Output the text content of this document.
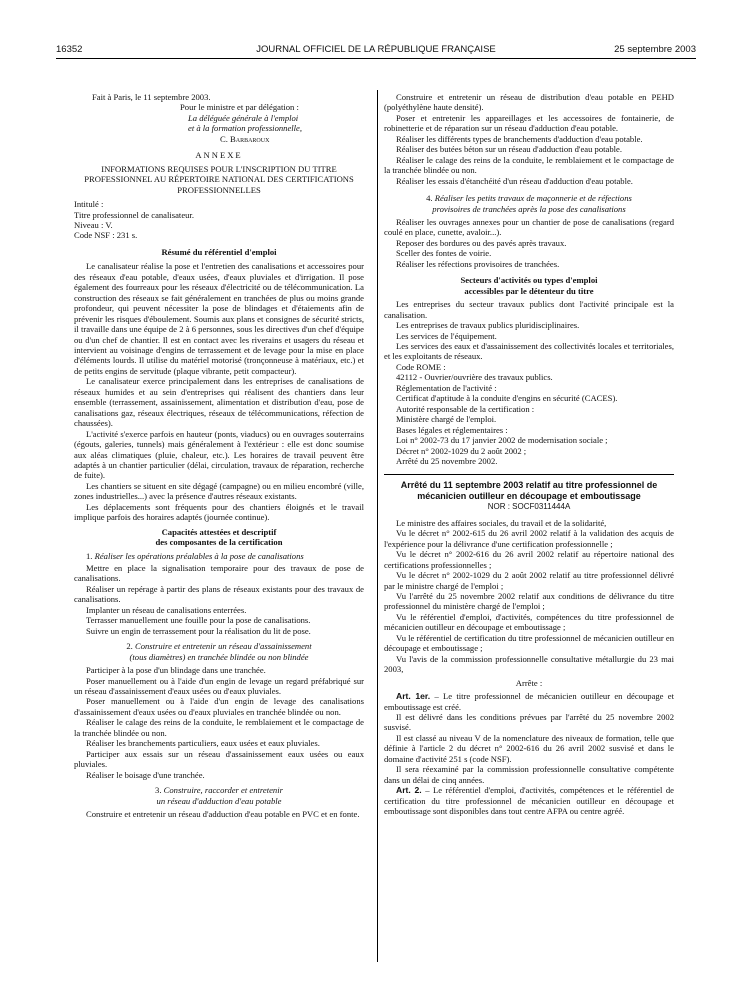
16352	JOURNAL OFFICIEL DE LA RÉPUBLIQUE FRANÇAISE	25 septembre 2003

Fait à Paris, le 11 septembre 2003.

Pour le ministre et par délégation :

La déléguée générale à l'emploi

et à la formation professionnelle,

C. Barbaroux

ANNEXE

INFORMATIONS REQUISES POUR L'INSCRIPTION DU TITRE PROFESSIONNEL AU RÉPERTOIRE NATIONAL DES CERTIFICATIONS PROFESSIONNELLES

Intitulé :

Titre professionnel de canalisateur.

Niveau : V.

Code NSF : 231 s.

Résumé du référentiel d'emploi

Le canalisateur réalise la pose et l'entretien des canalisations et accessoires pour des réseaux d'eau potable, d'eaux usées, d'eaux pluviales et d'irrigation. Il pose également des fourreaux pour les réseaux d'électricité ou de télécommunication. La construction des réseaux se fait généralement en tranchées de plus ou moins grande profondeur, qui peuvent nécessiter la pose de blindages et d'étaiements afin de prévenir les risques d'éboulement. Soumis aux plans et consignes de sécurité stricts, il travaille dans une équipe de 2 à 6 personnes, sous les directives d'un chef d'équipe ou d'un chef de chantier. Il est en contact avec les riverains et usagers du réseau et intervient au voisinage d'engins de terrassement et de levage pour la mise en place d'éléments lourds. Il utilise du matériel motorisé (tronçonneuse à matériaux, etc.) et de petits engins de servitude (plaque vibrante, petit compacteur).

Le canalisateur exerce principalement dans les entreprises de canalisations de réseaux humides et au sein d'entreprises qui réalisent des chantiers dans leur ensemble (terrassement, assainissement, alimentation et distribution d'eau, pose de canalisations gaz, réseaux électriques, réseaux de télécommunications, réfection de chaussées).

L'activité s'exerce parfois en hauteur (ponts, viaducs) ou en ouvrages souterrains (égouts, galeries, tunnels) mais généralement à l'extérieur : elle est donc soumise aux aléas climatiques (pluie, chaleur, etc.). Les horaires de travail peuvent être adaptés à un chantier particulier (délai, circulation, travaux de réparation, recherche de fuite).

Les chantiers se situent en site dégagé (campagne) ou en milieu encombré (ville, zones industrielles...) avec la présence d'autres réseaux existants.

Les déplacements sont fréquents pour des chantiers éloignés et le travail implique parfois des horaires adaptés (journée continue).

Capacités attestées et descriptif

des composantes de la certification

1. Réaliser les opérations préalables à la pose de canalisations

Mettre en place la signalisation temporaire pour des travaux de pose de canalisations.

Réaliser un repérage à partir des plans de réseaux existants pour des travaux de canalisations.

Implanter un réseau de canalisations enterrées.

Terrasser manuellement une fouille pour la pose de canalisations.

Suivre un engin de terrassement pour la réalisation du lit de pose.

2. Construire et entretenir un réseau d'assainissement

(tous diamètres) en tranchée blindée ou non blindée

Participer à la pose d'un blindage dans une tranchée.

Poser manuellement ou à l'aide d'un engin de levage un regard préfabriqué sur un réseau d'assainissement d'eaux usées ou d'eaux pluviales.

Poser manuellement ou à l'aide d'un engin de levage des canalisations d'assainissement d'eaux usées ou d'eaux pluviales en tranchée blindée ou non.

Réaliser le calage des reins de la conduite, le remblaiement et le compactage de la tranchée blindée ou non.

Réaliser les branchements particuliers, eaux usées et eaux pluviales.

Participer aux essais sur un réseau d'assainissement eaux usées ou eaux pluviales.

Réaliser le boisage d'une tranchée.

3. Construire, raccorder et entretenir

un réseau d'adduction d'eau potable

Construire et entretenir un réseau d'adduction d'eau potable en PVC et en fonte.

Construire et entretenir un réseau de distribution d'eau potable en PEHD (polyéthylène haute densité).

Poser et entretenir les appareillages et les accessoires de fontainerie, de robinetterie et de réparation sur un réseau d'adduction d'eau potable.

Réaliser les différents types de branchements d'adduction d'eau potable.

Réaliser des butées béton sur un réseau d'adduction d'eau potable.

Réaliser le calage des reins de la conduite, le remblaiement et le compactage de la tranchée blindée ou non.

Réaliser les essais d'étanchéité d'un réseau d'adduction d'eau potable.

4. Réaliser les petits travaux de maçonnerie et de réfections

provisoires de tranchées après la pose des canalisations

Réaliser les ouvrages annexes pour un chantier de pose de canalisations (regard coulé en place, cunette, avaloir...).

Reposer des bordures ou des pavés après travaux.

Sceller des fontes de voirie.

Réaliser les réfections provisoires de tranchées.

Secteurs d'activités ou types d'emploi

accessibles par le détenteur du titre

Les entreprises du secteur travaux publics dont l'activité principale est la canalisation.

Les entreprises de travaux publics pluridisciplinaires.

Les services de l'équipement.

Les services des eaux et d'assainissement des collectivités locales et territoriales, et les exploitants de réseaux.

Code ROME :

42112 - Ouvrier/ouvrière des travaux publics.

Réglementation de l'activité :

Certificat d'aptitude à la conduite d'engins en sécurité (CACES).

Autorité responsable de la certification :

Ministère chargé de l'emploi.

Bases légales et réglementaires :

Loi n° 2002-73 du 17 janvier 2002 de modernisation sociale ;

Décret n° 2002-1029 du 2 août 2002 ;

Arrêté du 25 novembre 2002.

Arrêté du 11 septembre 2003 relatif au titre professionnel de mécanicien outilleur en découpage et emboutissage

NOR : SOCF0311444A

Le ministre des affaires sociales, du travail et de la solidarité,

Vu le décret n° 2002-615 du 26 avril 2002 relatif à la validation des acquis de l'expérience pour la délivrance d'une certification professionnelle ;

Vu le décret n° 2002-616 du 26 avril 2002 relatif au répertoire national des certifications professionnelles ;

Vu le décret n° 2002-1029 du 2 août 2002 relatif au titre professionnel délivré par le ministre chargé de l'emploi ;

Vu l'arrêté du 25 novembre 2002 relatif aux conditions de délivrance du titre professionnel du ministère chargé de l'emploi ;

Vu le référentiel d'emploi, d'activités, compétences du titre professionnel de mécanicien outilleur en découpage et emboutissage ;

Vu le référentiel de certification du titre professionnel de mécanicien outilleur en découpage et emboutissage ;

Vu l'avis de la commission professionnelle consultative métallurgie du 23 mai 2003,

Arrête :

Art. 1er. – Le titre professionnel de mécanicien outilleur en découpage et emboutissage est créé.

Il est délivré dans les conditions prévues par l'arrêté du 25 novembre 2002 susvisé.

Il est classé au niveau V de la nomenclature des niveaux de formation, telle que définie à l'article 2 du décret n° 2002-616 du 26 avril 2002 susvisé et dans le domaine d'activité 251 s (code NSF).

Il sera réexaminé par la commission professionnelle consultative compétente dans un délai de cinq années.

Art. 2. – Le référentiel d'emploi, d'activités, compétences et le référentiel de certification du titre professionnel de mécanicien outilleur en découpage et emboutissage sont disponibles dans tout centre AFPA ou centre agréé.
